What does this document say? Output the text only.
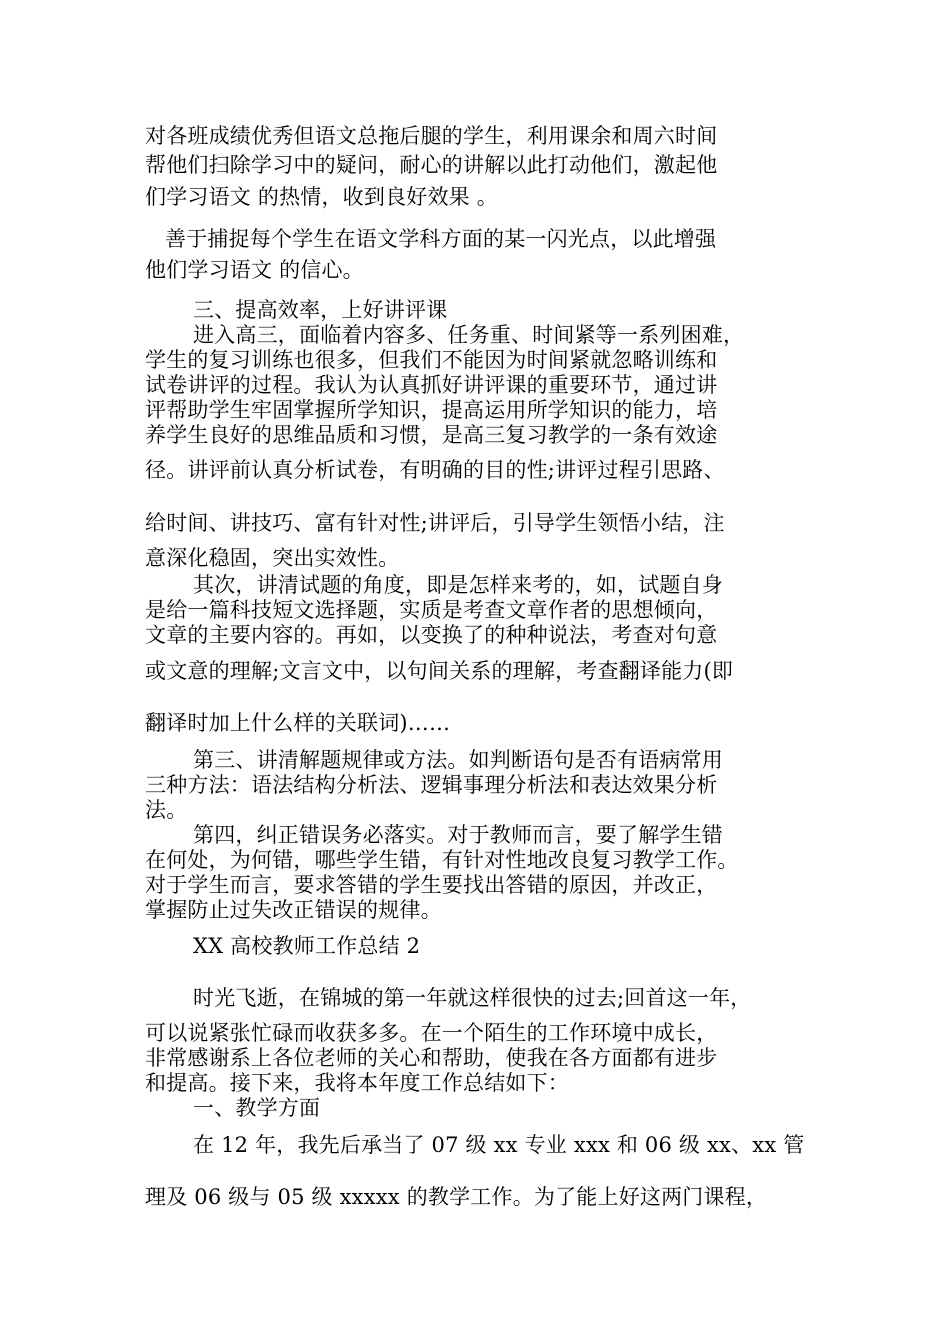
对各班成绩优秀但语文总拖后腿的学生，利用课余和周六时间
帮他们扫除学习中的疑问，耐心的讲解以此打动他们，激起他
们学习语文 的热情，收到良好效果 。
善于捕捉每个学生在语文学科方面的某一闪光点，以此增强
他们学习语文 的信心。
三、提高效率，上好讲评课
进入高三，面临着内容多、任务重、时间紧等一系列困难，
学生的复习训练也很多，但我们不能因为时间紧就忽略训练和
试卷讲评的过程。我认为认真抓好讲评课的重要环节，通过讲
评帮助学生牢固掌握所学知识，提高运用所学知识的能力，培
养学生良好的思维品质和习惯，是高三复习教学的一条有效途
径。讲评前认真分析试卷，有明确的目的性;讲评过程引思路、
给时间、讲技巧、富有针对性;讲评后，引导学生领悟小结，注
意深化稳固，突出实效性。
其次，讲清试题的角度，即是怎样来考的，如，试题自身
是给一篇科技短文选择题，实质是考查文章作者的思想倾向，
文章的主要内容的。再如，以变换了的种种说法，考查对句意
或文意的理解;文言文中，以句间关系的理解，考查翻译能力(即
翻译时加上什么样的关联词)……
第三、讲清解题规律或方法。如判断语句是否有语病常用
三种方法：语法结构分析法、逻辑事理分析法和表达效果分析
法。
第四，纠正错误务必落实。对于教师而言，要了解学生错
在何处，为何错，哪些学生错，有针对性地改良复习教学工作。
对于学生而言，要求答错的学生要找出答错的原因，并改正，
掌握防止过失改正错误的规律。
XX 高校教师工作总结 2
时光飞逝，在锦城的第一年就这样很快的过去;回首这一年，
可以说紧张忙碌而收获多多。在一个陌生的工作环境中成长，
非常感谢系上各位老师的关心和帮助，使我在各方面都有进步
和提高。接下来，我将本年度工作总结如下：
一、教学方面
在 12 年，我先后承当了 07 级 xx 专业 xxx 和 06 级 xx、xx 管
理及 06 级与 05 级 xxxxx 的教学工作。为了能上好这两门课程，
